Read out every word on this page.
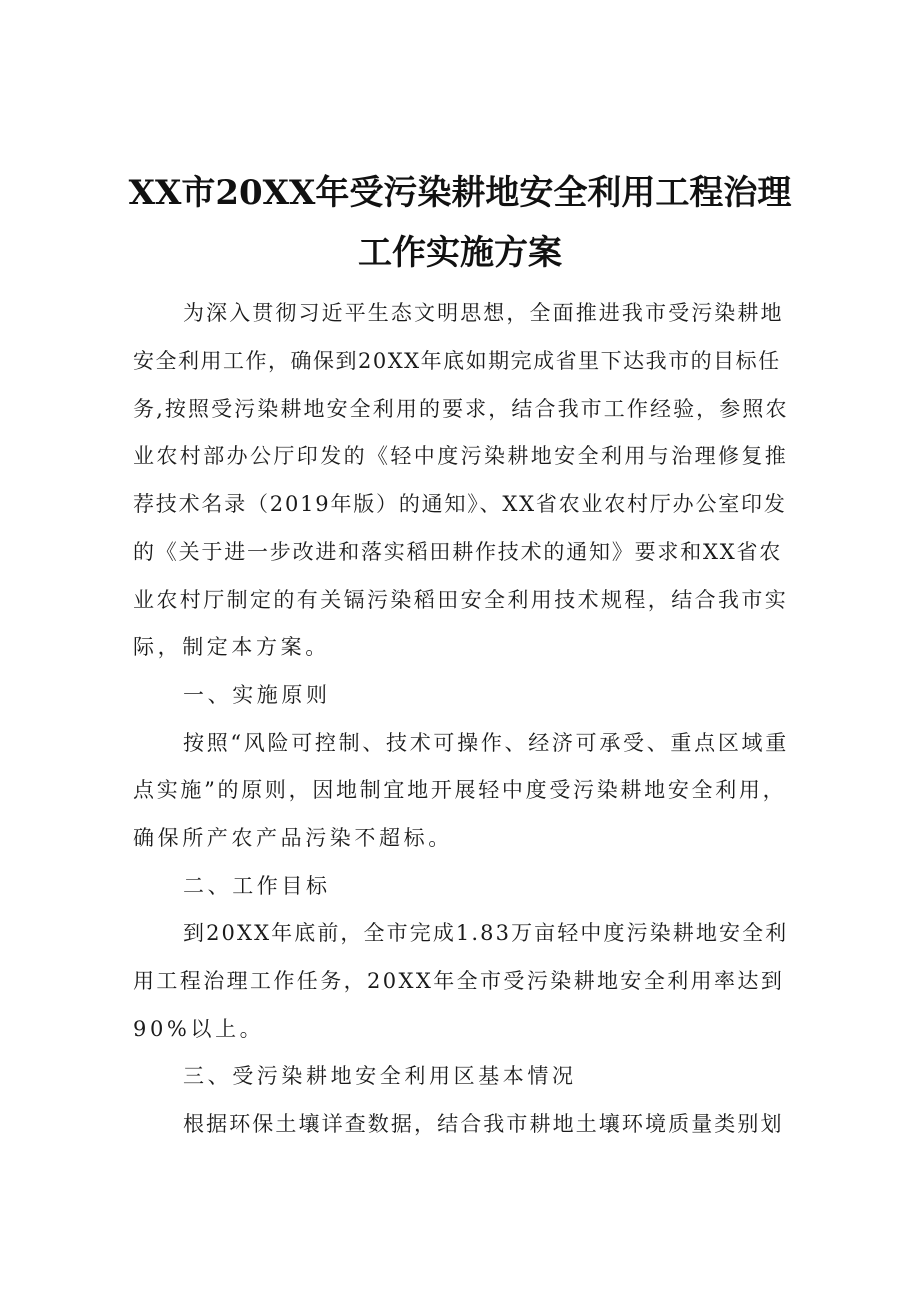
XX市20XX年受污染耕地安全利用工程治理
工作实施方案
为深入贯彻习近平生态文明思想，全面推进我市受污染耕地
安全利用工作，确保到20XX年底如期完成省里下达我市的目标任
务,按照受污染耕地安全利用的要求，结合我市工作经验，参照农
业农村部办公厅印发的《轻中度污染耕地安全利用与治理修复推
荐技术名录（2019年版）的通知》、XX省农业农村厅办公室印发
的《关于进一步改进和落实稻田耕作技术的通知》要求和XX省农
业农村厅制定的有关镉污染稻田安全利用技术规程，结合我市实
际，制定本方案。
一、实施原则
按照“风险可控制、技术可操作、经济可承受、重点区域重
点实施”的原则，因地制宜地开展轻中度受污染耕地安全利用，
确保所产农产品污染不超标。
二、工作目标
到20XX年底前，全市完成1.83万亩轻中度污染耕地安全利
用工程治理工作任务，20XX年全市受污染耕地安全利用率达到
90%以上。
三、受污染耕地安全利用区基本情况
根据环保土壤详查数据，结合我市耕地土壤环境质量类别划
